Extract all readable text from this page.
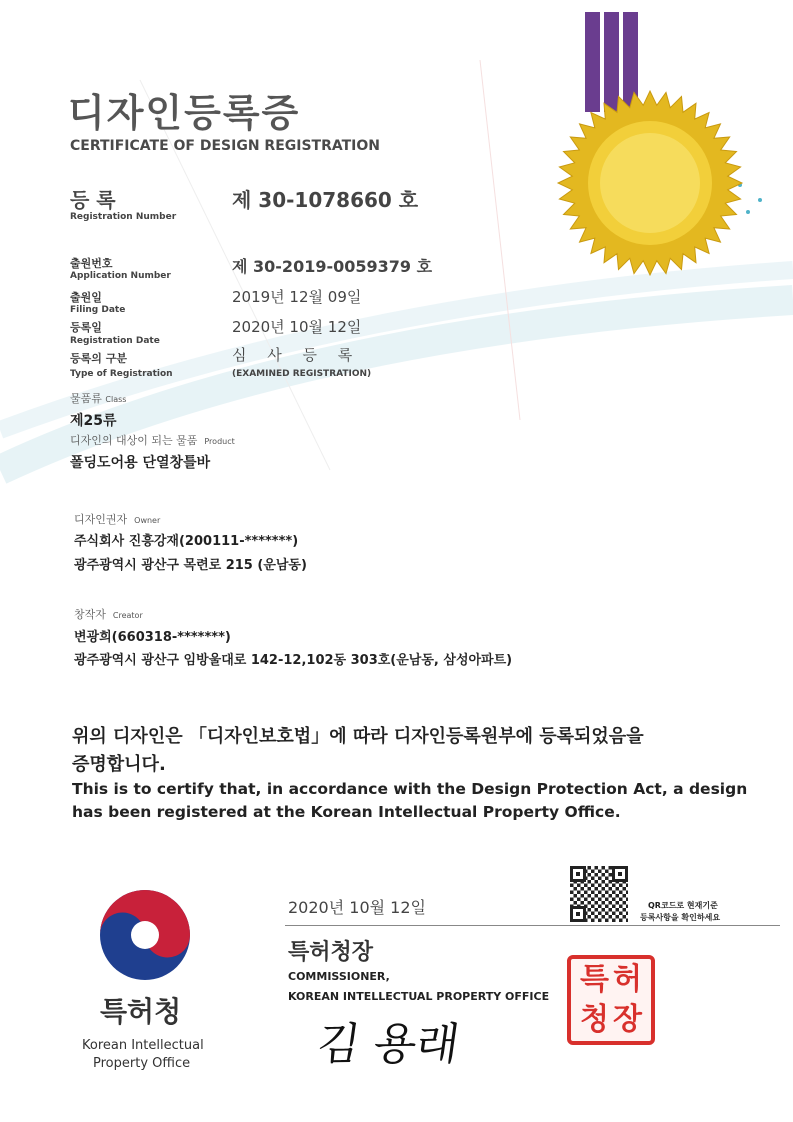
디자인등록증
CERTIFICATE OF DESIGN REGISTRATION
등 록
Registration Number
제 30-1078660 호
출원번호
Application Number	제 30-2019-0059379 호
출원일
Filing Date
2019년 12월 09일
등록일
Registration Date
2020년 10월 12일
등록의 구분
Type of Registration
심 사 등 록
(EXAMINED REGISTRATION)
물품류 Class
제25류
디자인의 대상이 되는 물품 Product
폴딩도어용 단열창틀바
디자인권자 Owner
주식회사 진흥강재(200111-*******)
광주광역시 광산구 목련로 215 (운남동)
창작자 Creator
변광희(660318-*******)
광주광역시 광산구 임방울대로 142-12,102동 303호(운남동, 삼성아파트)
위의 디자인은 「디자인보호법」에 따라 디자인등록원부에 등록되었음을
증명합니다.
This is to certify that, in accordance with the Design Protection Act, a design
has been registered at the Korean Intellectual Property Office.
특허청
Korean Intellectual
Property Office
2020년 10월 12일	QR코드로 현재기준
등록사항을 확인하세요
특허청장
COMMISSIONER,
KOREAN INTELLECTUAL PROPERTY OFFICE
김 용래
특 허
청 장
